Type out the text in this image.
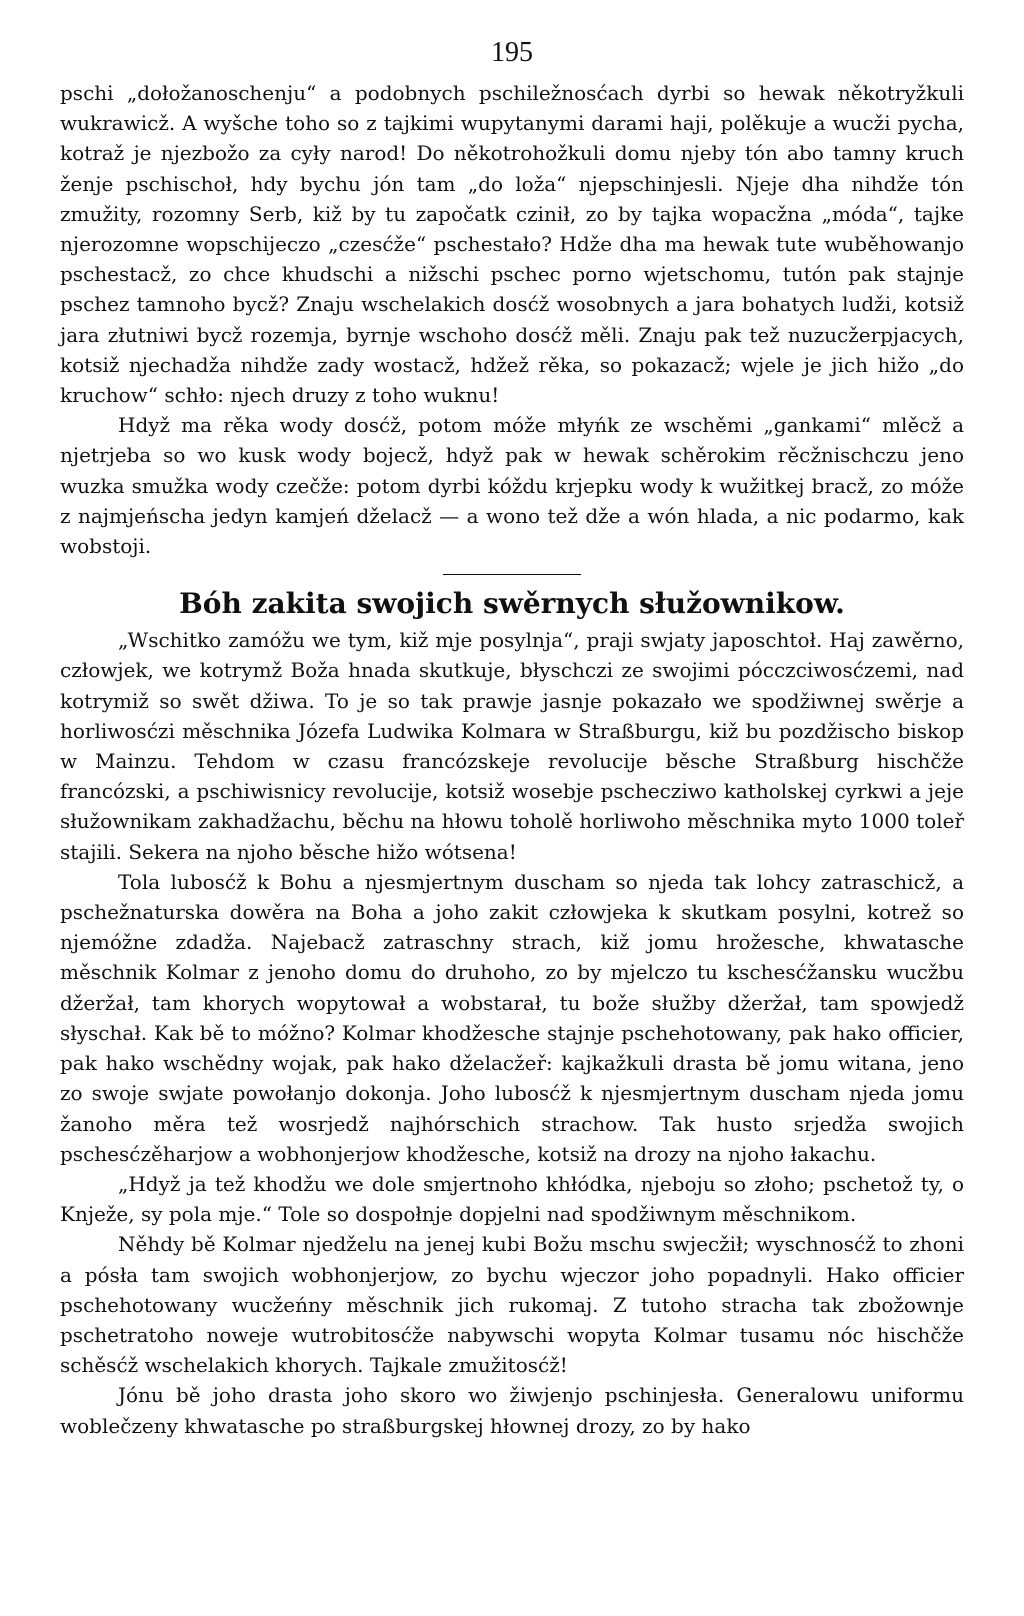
195

pschi „dołožanoschenju“ a podobnych pschiležnosćach dyrbi so hewak někotryžkuli wukrawicž. A wyšche toho so z tajkimi wupytanymi darami haji, polěkuje a wucži pycha, kotraž je njezbožo za cyły narod! Do někotrohožkuli domu njeby tón abo tamny kruch ženje pschischoł, hdy bychu jón tam „do loža“ njepschinjesli. Njeje dha nihdže tón zmužity, rozomny Serb, kiž by tu započatk czinił, zo by tajka wopacžna „móda“, tajke njerozomne wopschijeczo „czesćže“ pschestało? Hdže dha ma hewak tute wuběhowanjo pschestacž, zo chce khudschi a nižschi pschec porno wjetschomu, tutón pak stajnje pschez tamnoho bycž? Znaju wschelakich dosćž wosobnych a jara bohatych ludži, kotsiž jara złutniwi bycž rozemja, byrnje wschoho dosćž měli. Znaju pak tež nuzucžerpjacych, kotsiž njechadža nihdže zady wostacž, hdžež rěka, so pokazacž; wjele je jich hižo „do kruchow“ schło: njech druzy z toho wuknu!

Hdyž ma rěka wody dosćž, potom móže młyńk ze wschěmi „gankami“ mlěcž a njetrjeba so wo kusk wody bojecž, hdyž pak w hewak schěrokim rěcžnischczu jeno wuzka smužka wody czečže: potom dyrbi kóždu krjepku wody k wužitkej bracž, zo móže z najmjeńscha jedyn kamjeń dželacž — a wono tež dže a wón hlada, a nic podarmo, kak wobstoji.

Bóh zakita swojich swěrnych słužownikow.

„Wschitko zamóžu we tym, kiž mje posylnja“, praji swjaty japoschtoł. Haj zawěrno, człowjek, we kotrymž Boža hnada skutkuje, błyschczi ze swojimi pócczciwosćzemi, nad kotrymiž so swět džiwa. To je so tak prawje jasnje pokazało we spodžiwnej swěrje a horliwosćzi měschnika Józefa Ludwika Kolmara w Straßburgu, kiž bu pozdžischo biskop w Mainzu. Tehdom w czasu francózskeje revolucije běsche Straßburg hischčže francózski, a pschiwisnicy revolucije, kotsiž wosebje pschecziwo katholskej cyrkwi a jeje słužownikam zakhadžachu, běchu na hłowu toholě horliwoho měschnika myto 1000 toleř stajili. Sekera na njoho běsche hižo wótsena!

Tola lubosćž k Bohu a njesmjertnym duscham so njeda tak lohcy zatraschicž, a pschežnaturska dowěra na Boha a joho zakit człowjeka k skutkam posylni, kotrež so njemóžne zdadža. Najebacž zatraschny strach, kiž jomu hrožesche, khwatasche měschnik Kolmar z jenoho domu do druhoho, zo by mjelczo tu kschesćžansku wucžbu džeržał, tam khorych wopytował a wobstarał, tu bože słužby džeržał, tam spowjedž słyschał. Kak bě to móžno? Kolmar khodžesche stajnje pschehotowany, pak hako officier, pak hako wschědny wojak, pak hako dželacžeř: kajkažkuli drasta bě jomu witana, jeno zo swoje swjate powołanjo dokonja. Joho lubosćž k njesmjertnym duscham njeda jomu žanoho měra tež wosrjedž najhórschich strachow. Tak husto srjedža swojich pschesćzěharjow a wobhonjerjow khodžesche, kotsiž na drozy na njoho łakachu.

„Hdyž ja tež khodžu we dole smjertnoho khłódka, njeboju so złoho; pschetož ty, o Knježe, sy pola mje.“ Tole so dospołnje dopjelni nad spodžiwnym měschnikom.

Něhdy bě Kolmar njedželu na jenej kubi Božu mschu swjecžił; wyschnosćž to zhoni a pósła tam swojich wobhonjerjow, zo bychu wjeczor joho popadnyli. Hako officier pschehotowany wucžeńny měschnik jich rukomaj. Z tutoho stracha tak zbožownje pschetratoho noweje wutrobitosćže nabywschi wopyta Kolmar tusamu nóc hischčže schěsćž wschelakich khorych. Tajkale zmužitosćž!

Jónu bě joho drasta joho skoro wo žiwjenjo pschinjesła. Generalowu uniformu woblečzeny khwatasche po straßburgskej hłownej drozy, zo by hako
